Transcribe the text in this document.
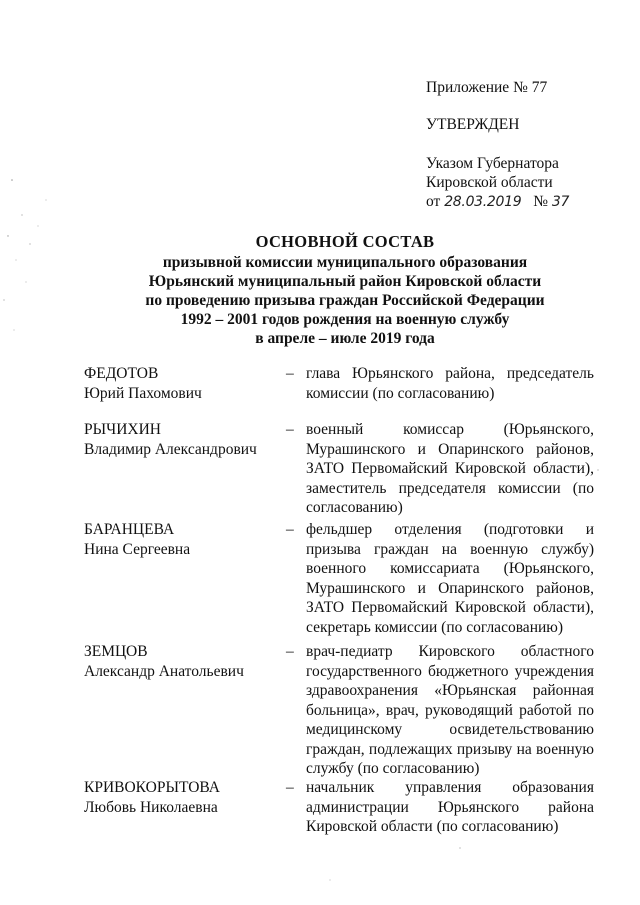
Приложение № 77
УТВЕРЖДЕН
Указом Губернатора
Кировской области
от 28.03.2019 № 37
ОСНОВНОЙ СОСТАВ
призывной комиссии муниципального образования
Юрьянский муниципальный район Кировской области
по проведению призыва граждан Российской Федерации
1992 – 2001 годов рождения на военную службу
в апреле – июле 2019 года
ФЕДОТОВ
Юрий Пахомович
– глава Юрьянского района, председатель комиссии (по согласованию)
РЫЧИХИН
Владимир Александрович
– военный комиссар (Юрьянского, Мурашинского и Опаринского районов, ЗАТО Первомайский Кировской области), заместитель председателя комиссии (по согласованию)
БАРАНЦЕВА
Нина Сергеевна
– фельдшер отделения (подготовки и призыва граждан на военную службу) военного комиссариата (Юрьянского, Мурашинского и Опаринского районов, ЗАТО Первомайский Кировской области), секретарь комиссии (по согласованию)
ЗЕМЦОВ
Александр Анатольевич
– врач-педиатр Кировского областного государственного бюджетного учреждения здравоохранения «Юрьянская районная больница», врач, руководящий работой по медицинскому освидетельствованию граждан, подлежащих призыву на военную службу (по согласованию)
КРИВОКОРЫТОВА
Любовь Николаевна
– начальник управления образования администрации Юрьянского района Кировской области (по согласованию)
